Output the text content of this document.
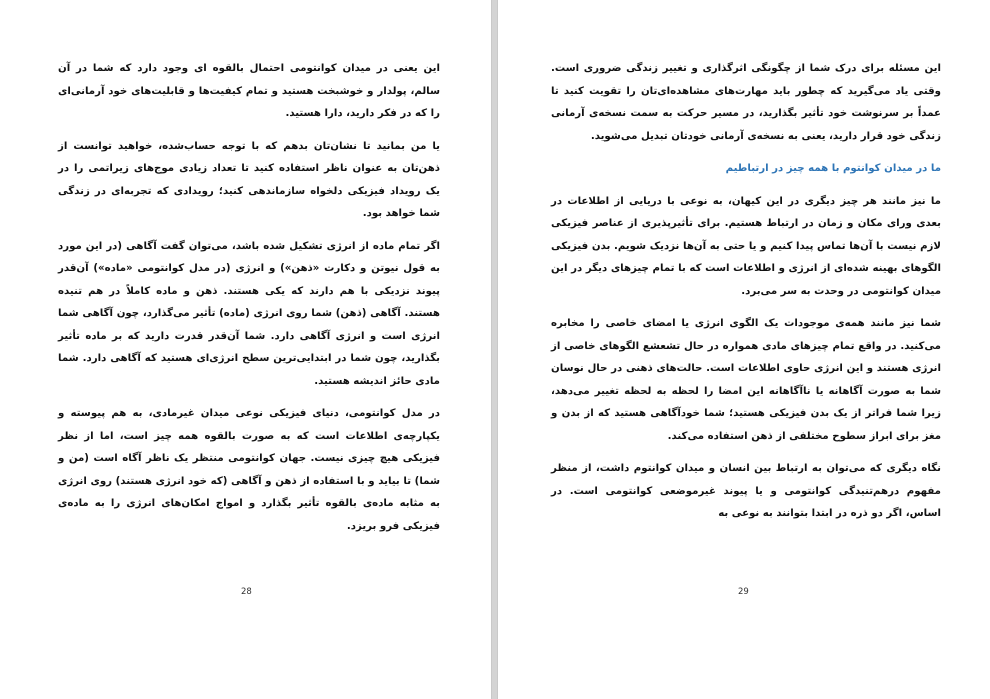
این یعنی در میدان کوانتومی احتمال بالقوه ای وجود دارد که شما در آن سالم، پولدار و خوشبخت هستید و تمام کیفیت‌ها و قابلیت‌های خود آرمانی‌ای را که در فکر دارید، دارا هستید.

یا من بمانید تا نشان‌تان بدهم که با توجه حساب‌شده، خواهید توانست از ذهن‌تان به عنوان ناظر استفاده کنید تا تعداد زیادی موج‌های زیراتمی را در یک رویداد فیزیکی دلخواه سازماندهی کنید؛ رویدادی که تجربه‌ای در زندگی شما خواهد بود.

اگر تمام ماده از انرژی تشکیل شده باشد، می‌توان گفت آگاهی (در این مورد به قول نیوتن و دکارت «ذهن») و انرژی (در مدل کوانتومی «ماده») آن‌قدر پیوند نزدیکی با هم دارند که یکی هستند. ذهن و ماده کاملاً در هم تنیده هستند. آگاهی (ذهن) شما روی انرژی (ماده) تأثیر می‌گذارد، چون آگاهی شما انرژی است و انرژی آگاهی دارد. شما آن‌قدر قدرت دارید که بر ماده تأثیر بگذارید، چون شما در ابتدایی‌ترین سطح انرژی‌ای هستید که آگاهی دارد. شما مادی حائز اندیشه هستید.

در مدل کوانتومی، دنیای فیزیکی نوعی میدان غیرمادی، به هم پیوسته و یکپارچه‌ی اطلاعات است که به صورت بالقوه همه چیز است، اما از نظر فیزیکی هیچ چیزی نیست. جهان کوانتومی منتظر یک ناظر آگاه است (من و شما) تا بیاید و با استفاده از ذهن و آگاهی (که خود انرژی هستند) روی انرژی به مثابه ماده‌ی بالقوه تأثیر بگذارد و امواج امکان‌های انرژی را به ماده‌ی فیزیکی فرو بریزد.

28

این مسئله برای درک شما از چگونگی اثرگذاری و تغییر زندگی ضروری است. وقتی یاد می‌گیرید که چطور باید مهارت‌های مشاهده‌ای‌تان را تقویت کنید تا عمداً بر سرنوشت خود تأثیر بگذارید، در مسیر حرکت به سمت نسخه‌ی آرمانی زندگی خود قرار دارید، یعنی به نسخه‌ی آرمانی خودتان تبدیل می‌شوید.

ما در میدان کوانتوم با همه چیز در ارتباطیم

ما نیز مانند هر چیز دیگری در این کیهان، به نوعی با دریایی از اطلاعات در بعدی ورای مکان و زمان در ارتباط هستیم. برای تأثیرپذیری از عناصر فیزیکی لازم نیست با آن‌ها تماس پیدا کنیم و یا حتی به آن‌ها نزدیک شویم. بدن فیزیکی الگوهای بهینه شده‌ای از انرژی و اطلاعات است که با تمام چیزهای دیگر در این میدان کوانتومی در وحدت به سر می‌برد.

شما نیز مانند همه‌ی موجودات یک الگوی انرژی یا امضای خاصی را مخابره می‌کنید. در واقع تمام چیزهای مادی همواره در حال تشعشع الگوهای خاصی از انرژی هستند و این انرژی حاوی اطلاعات است. حالت‌های ذهنی در حال نوسان شما به صورت آگاهانه یا ناآگاهانه این امضا را لحظه به لحظه تغییر می‌دهد، زیرا شما فراتر از یک بدن فیزیکی هستید؛ شما خودآگاهی هستید که از بدن و مغز برای ابراز سطوح مختلفی از ذهن استفاده می‌کند.

نگاه دیگری که می‌توان به ارتباط بین انسان و میدان کوانتوم داشت، از منظر مفهوم درهم‌تنیدگی کوانتومی و یا پیوند غیرموضعی کوانتومی است. در اساس، اگر دو ذره در ابتدا بتوانند به نوعی به

29
